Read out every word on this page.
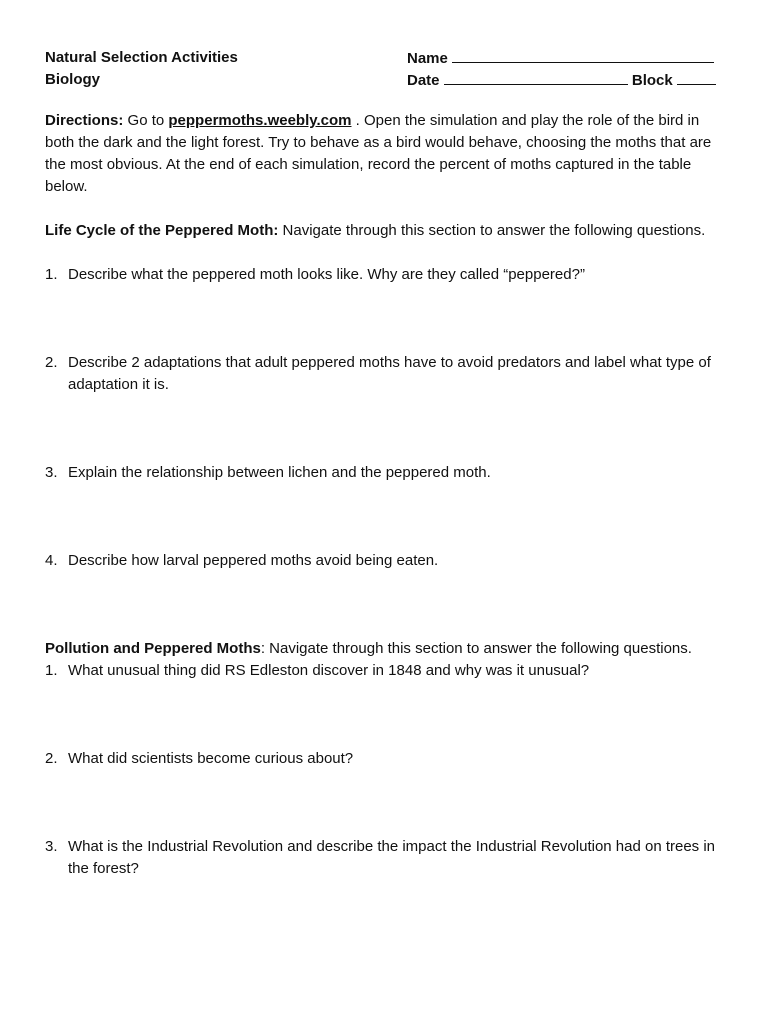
Natural Selection Activities
Biology
Name
Date	Block

Directions: Go to peppermoths.weebly.com . Open the simulation and play the role of the bird in both the dark and the light forest. Try to behave as a bird would behave, choosing the moths that are the most obvious. At the end of each simulation, record the percent of moths captured in the table below.

Life Cycle of the Peppered Moth: Navigate through this section to answer the following questions.

1. Describe what the peppered moth looks like. Why are they called “peppered?”
2. Describe 2 adaptations that adult peppered moths have to avoid predators and label what type of adaptation it is.
3. Explain the relationship between lichen and the peppered moth.
4. Describe how larval peppered moths avoid being eaten.

Pollution and Peppered Moths: Navigate through this section to answer the following questions.

1. What unusual thing did RS Edleston discover in 1848 and why was it unusual?
2. What did scientists become curious about?
3. What is the Industrial Revolution and describe the impact the Industrial Revolution had on trees in the forest?
